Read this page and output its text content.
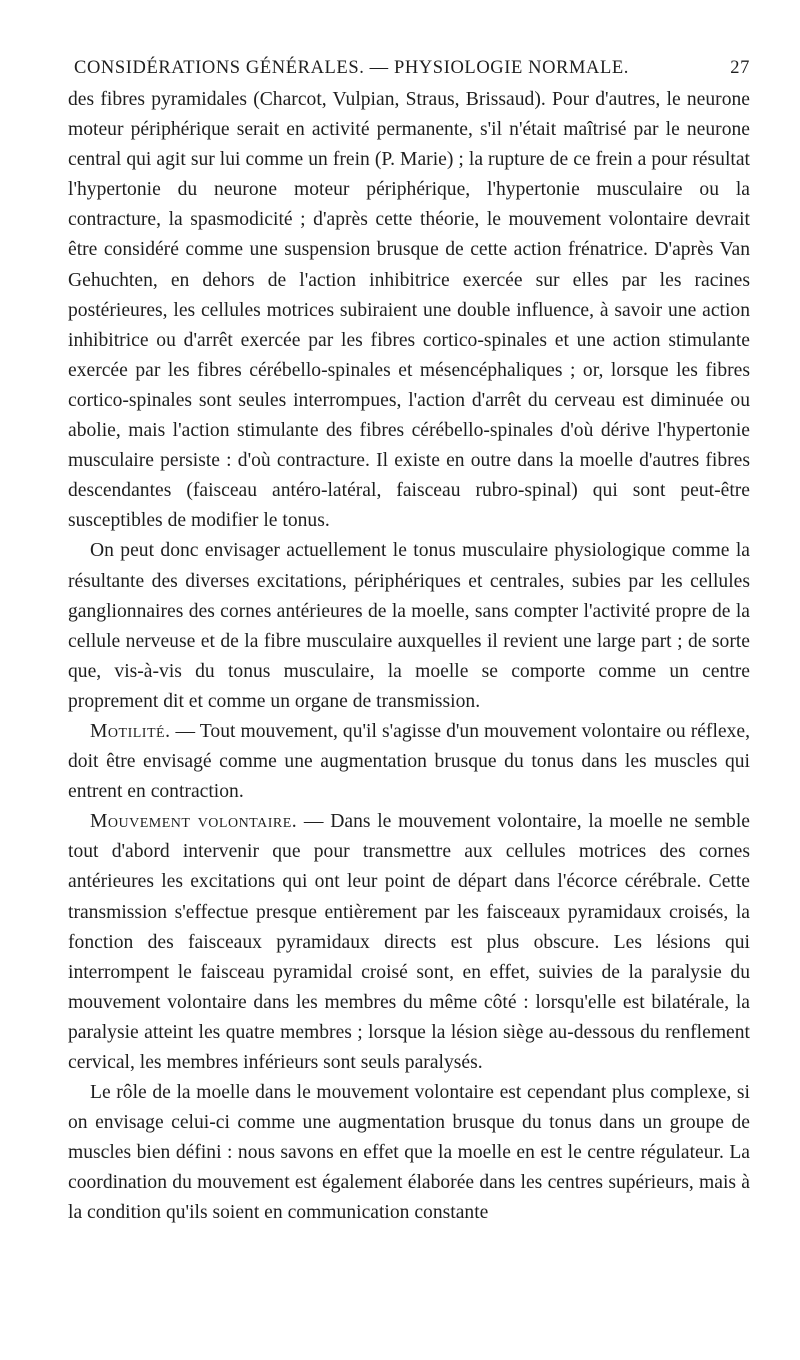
CONSIDÉRATIONS GÉNÉRALES. — PHYSIOLOGIE NORMALE.	27

des fibres pyramidales (Charcot, Vulpian, Straus, Brissaud). Pour d'autres, le neurone moteur périphérique serait en activité permanente, s'il n'était maîtrisé par le neurone central qui agit sur lui comme un frein (P. Marie) ; la rupture de ce frein a pour résultat l'hypertonie du neurone moteur périphérique, l'hypertonie musculaire ou la contracture, la spasmodicité ; d'après cette théorie, le mouvement volontaire devrait être considéré comme une suspension brusque de cette action frénatrice. D'après Van Gehuchten, en dehors de l'action inhibitrice exercée sur elles par les racines postérieures, les cellules motrices subiraient une double influence, à savoir une action inhibitrice ou d'arrêt exercée par les fibres cortico-spinales et une action stimulante exercée par les fibres cérébello-spinales et mésencéphaliques ; or, lorsque les fibres cortico-spinales sont seules interrompues, l'action d'arrêt du cerveau est diminuée ou abolie, mais l'action stimulante des fibres cérébello-spinales d'où dérive l'hypertonie musculaire persiste : d'où contracture. Il existe en outre dans la moelle d'autres fibres descendantes (faisceau antéro-latéral, faisceau rubro-spinal) qui sont peut-être susceptibles de modifier le tonus.

On peut donc envisager actuellement le tonus musculaire physiologique comme la résultante des diverses excitations, périphériques et centrales, subies par les cellules ganglionnaires des cornes antérieures de la moelle, sans compter l'activité propre de la cellule nerveuse et de la fibre musculaire auxquelles il revient une large part ; de sorte que, vis-à-vis du tonus musculaire, la moelle se comporte comme un centre proprement dit et comme un organe de transmission.

Motilité. — Tout mouvement, qu'il s'agisse d'un mouvement volontaire ou réflexe, doit être envisagé comme une augmentation brusque du tonus dans les muscles qui entrent en contraction.

Mouvement volontaire. — Dans le mouvement volontaire, la moelle ne semble tout d'abord intervenir que pour transmettre aux cellules motrices des cornes antérieures les excitations qui ont leur point de départ dans l'écorce cérébrale. Cette transmission s'effectue presque entièrement par les faisceaux pyramidaux croisés, la fonction des faisceaux pyramidaux directs est plus obscure. Les lésions qui interrompent le faisceau pyramidal croisé sont, en effet, suivies de la paralysie du mouvement volontaire dans les membres du même côté : lorsqu'elle est bilatérale, la paralysie atteint les quatre membres ; lorsque la lésion siège au-dessous du renflement cervical, les membres inférieurs sont seuls paralysés.

Le rôle de la moelle dans le mouvement volontaire est cependant plus complexe, si on envisage celui-ci comme une augmentation brusque du tonus dans un groupe de muscles bien défini : nous savons en effet que la moelle en est le centre régulateur. La coordination du mouvement est également élaborée dans les centres supérieurs, mais à la condition qu'ils soient en communication constante
